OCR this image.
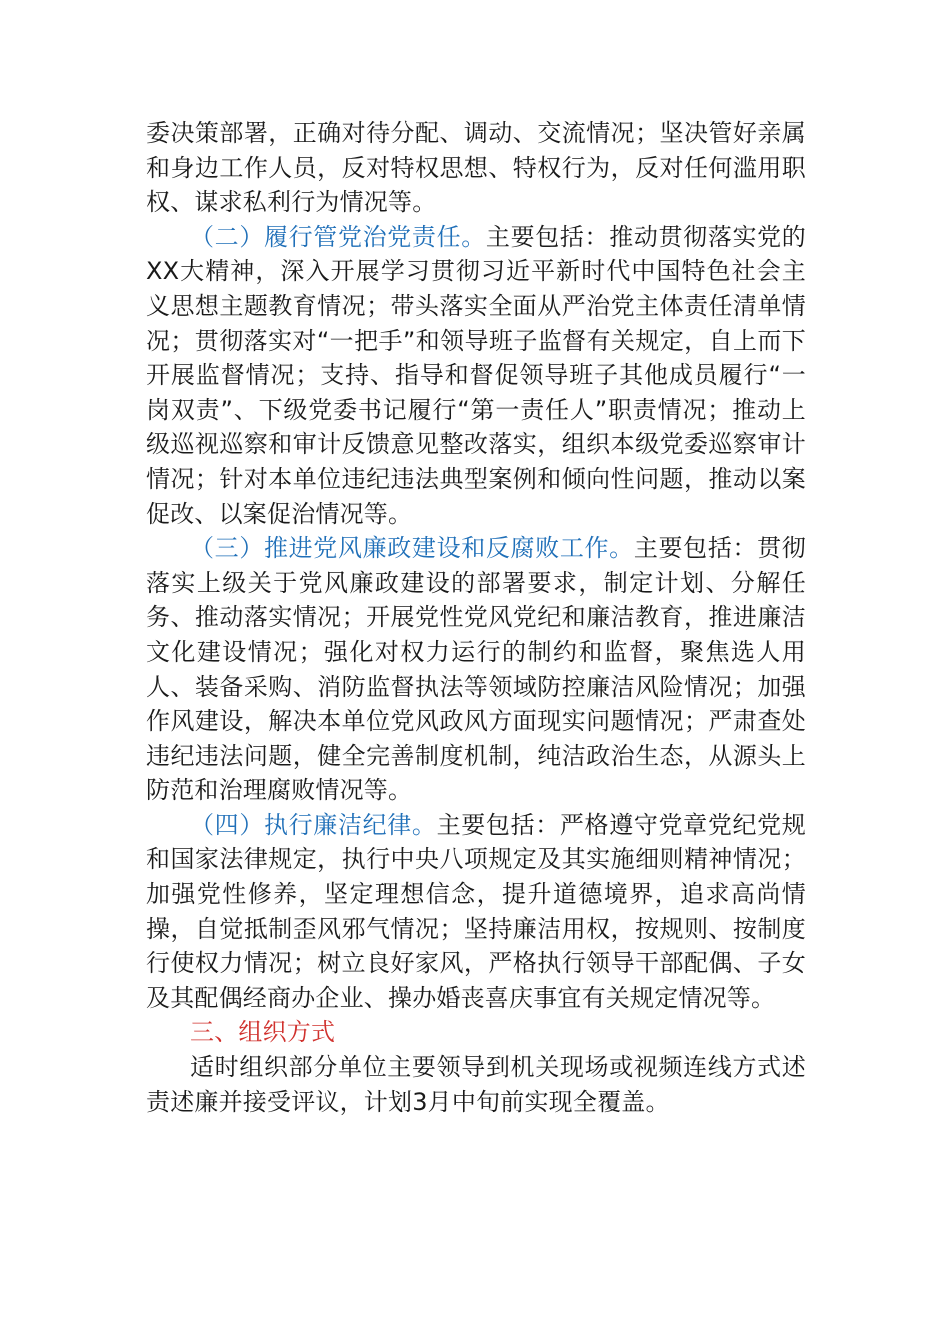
委决策部署，正确对待分配、调动、交流情况；坚决管好亲属和身边工作人员，反对特权思想、特权行为，反对任何滥用职权、谋求私利行为情况等。

（二）履行管党治党责任。主要包括：推动贯彻落实党的XX大精神，深入开展学习贯彻习近平新时代中国特色社会主义思想主题教育情况；带头落实全面从严治党主体责任清单情况；贯彻落实对“一把手”和领导班子监督有关规定，自上而下开展监督情况；支持、指导和督促领导班子其他成员履行“一岗双责”、下级党委书记履行“第一责任人”职责情况；推动上级巡视巡察和审计反馈意见整改落实，组织本级党委巡察审计情况；针对本单位违纪违法典型案例和倾向性问题，推动以案促改、以案促治情况等。

（三）推进党风廉政建设和反腐败工作。主要包括：贯彻落实上级关于党风廉政建设的部署要求，制定计划、分解任务、推动落实情况；开展党性党风党纪和廉洁教育，推进廉洁文化建设情况；强化对权力运行的制约和监督，聚焦选人用人、装备采购、消防监督执法等领域防控廉洁风险情况；加强作风建设，解决本单位党风政风方面现实问题情况；严肃查处违纪违法问题，健全完善制度机制，纯洁政治生态，从源头上防范和治理腐败情况等。

（四）执行廉洁纪律。主要包括：严格遵守党章党纪党规和国家法律规定，执行中央八项规定及其实施细则精神情况；加强党性修养，坚定理想信念，提升道德境界，追求高尚情操，自觉抵制歪风邪气情况；坚持廉洁用权，按规则、按制度行使权力情况；树立良好家风，严格执行领导干部配偶、子女及其配偶经商办企业、操办婚丧喜庆事宜有关规定情况等。

三、组织方式

适时组织部分单位主要领导到机关现场或视频连线方式述责述廉并接受评议，计划3月中旬前实现全覆盖。
